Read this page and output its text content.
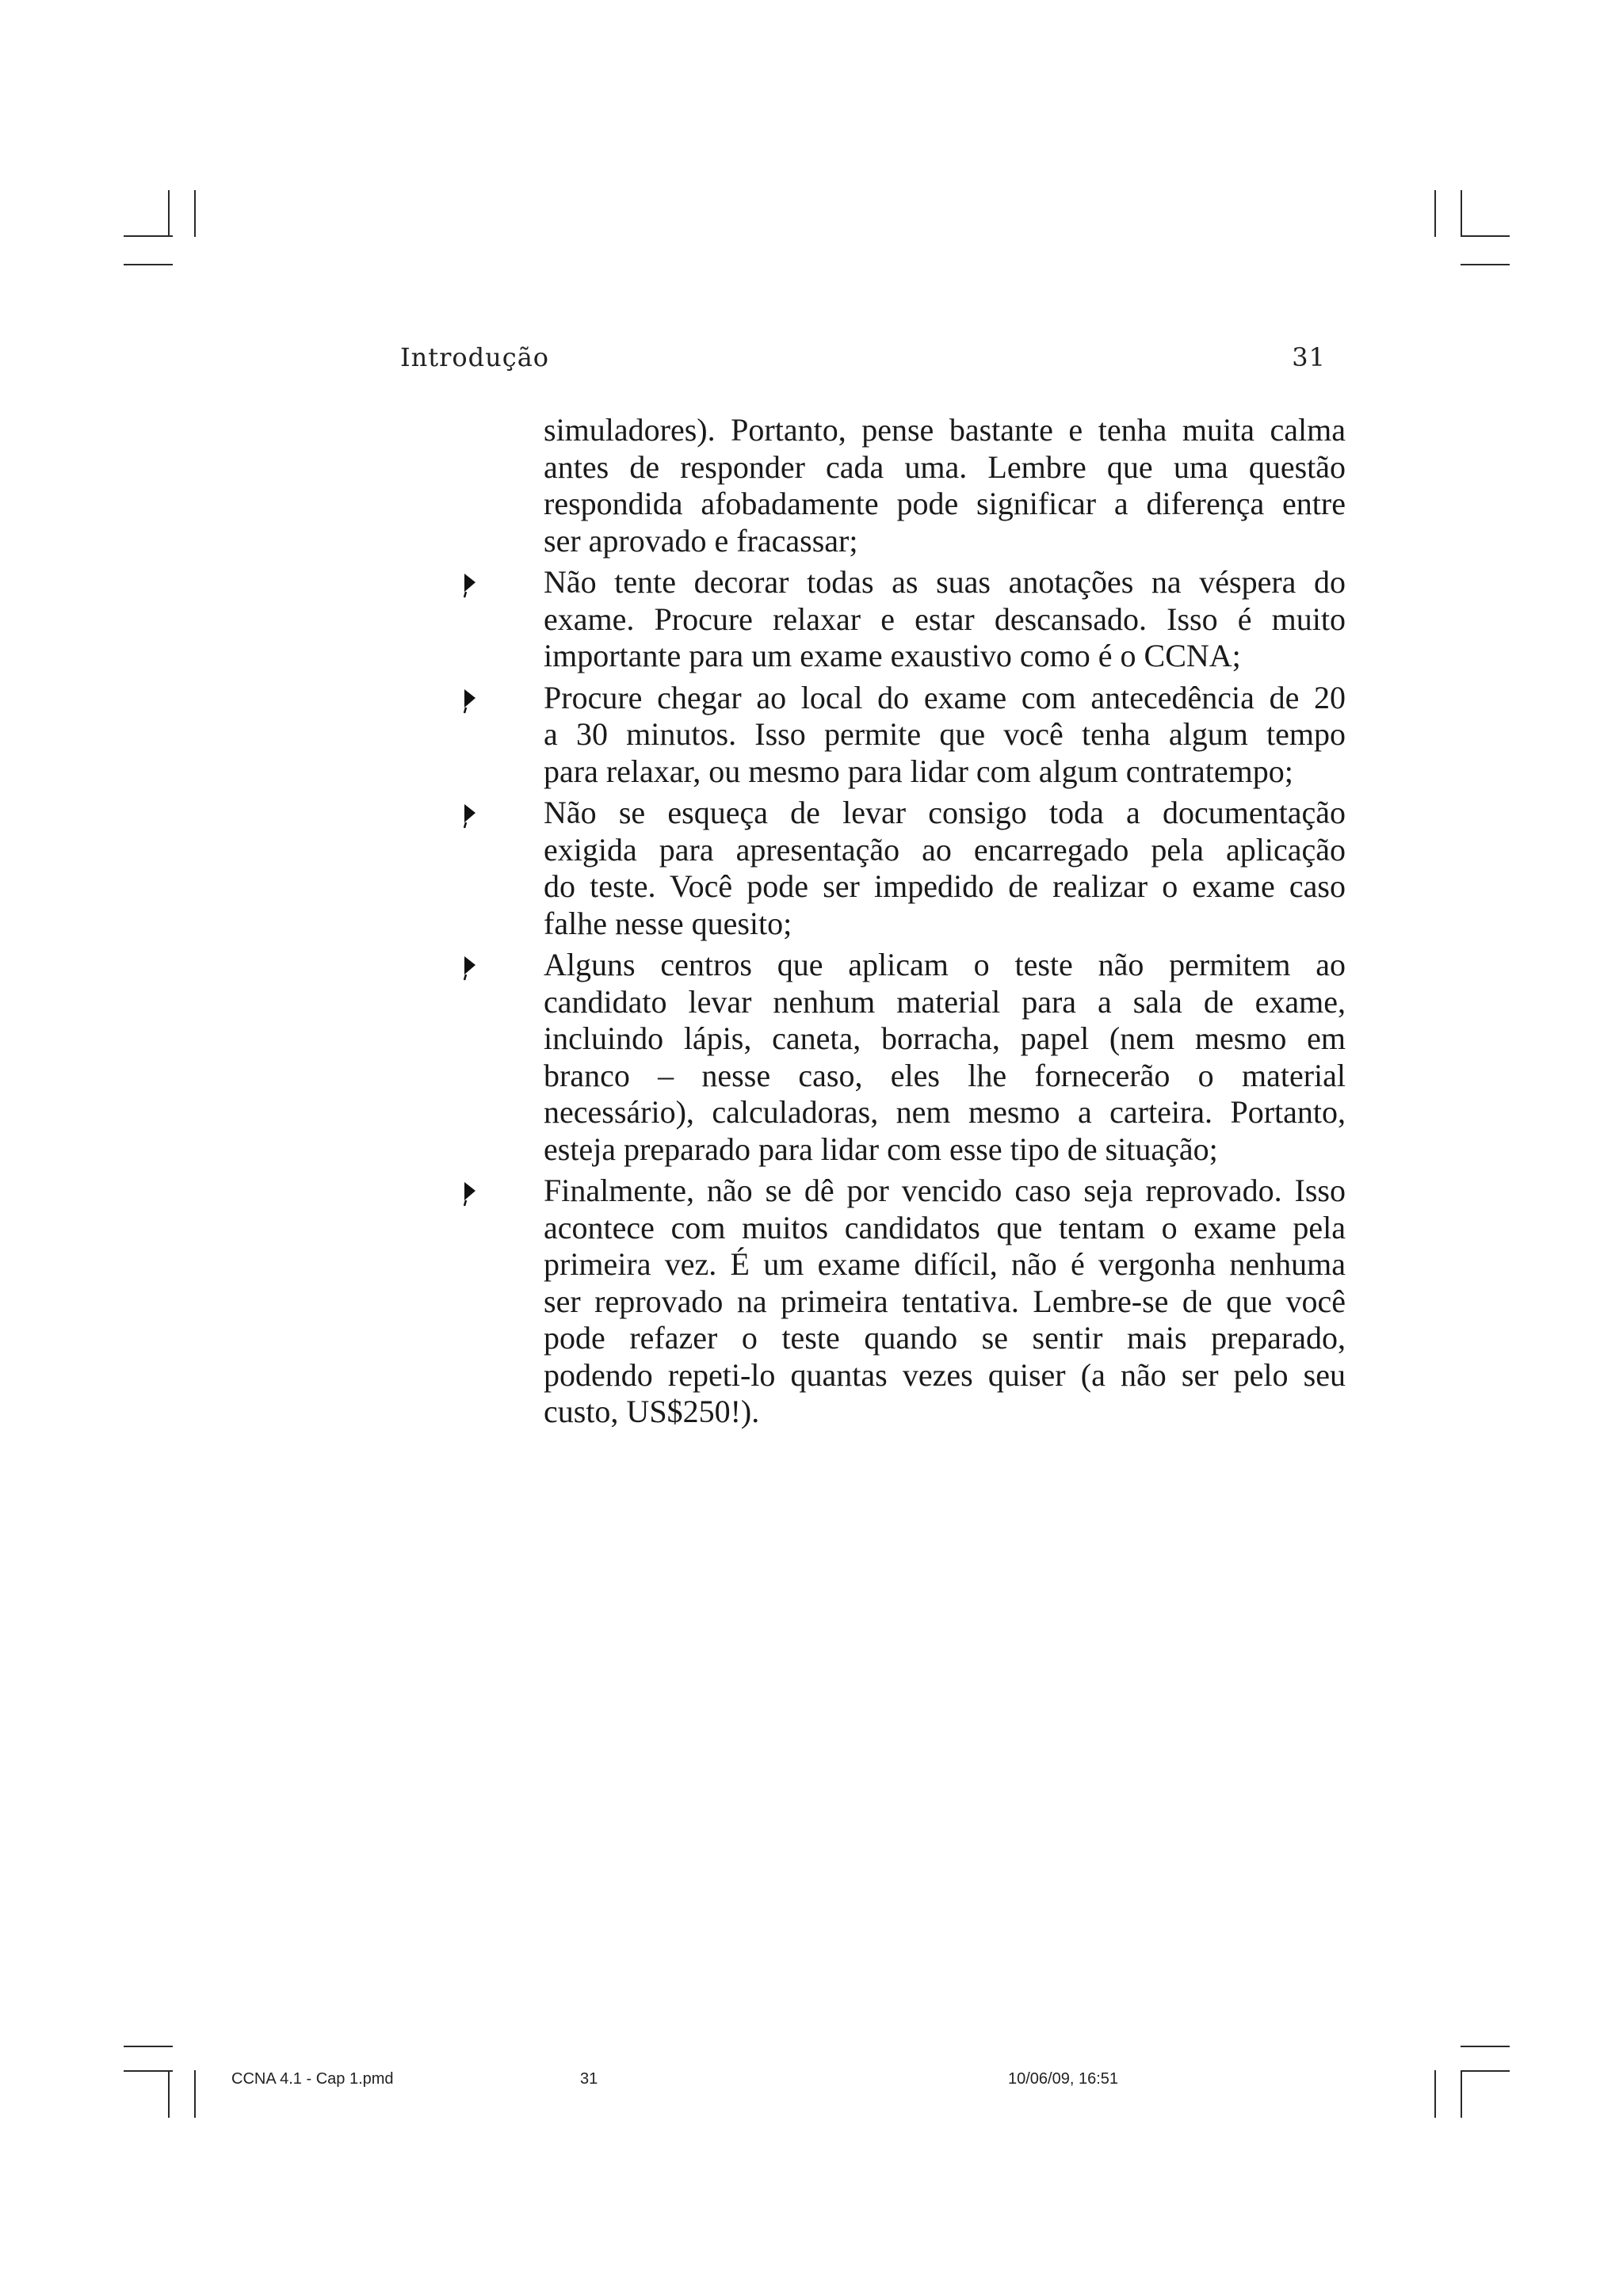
Introdução	31
simuladores). Portanto, pense bastante e tenha muita calma
antes de responder cada uma. Lembre que uma questão
respondida afobadamente pode significar a diferença entre
ser aprovado e fracassar;
Não tente decorar todas as suas anotações na véspera do
exame. Procure relaxar e estar descansado. Isso é muito
importante para um exame exaustivo como é o CCNA;
Procure chegar ao local do exame com antecedência de 20
a 30 minutos. Isso permite que você tenha algum tempo
para relaxar, ou mesmo para lidar com algum contratempo;
Não se esqueça de levar consigo toda a documentação
exigida para apresentação ao encarregado pela aplicação
do teste. Você pode ser impedido de realizar o exame caso
falhe nesse quesito;
Alguns centros que aplicam o teste não permitem ao
candidato levar nenhum material para a sala de exame,
incluindo lápis, caneta, borracha, papel (nem mesmo em
branco – nesse caso, eles lhe fornecerão o material
necessário), calculadoras, nem mesmo a carteira. Portanto,
esteja preparado para lidar com esse tipo de situação;
Finalmente, não se dê por vencido caso seja reprovado. Isso
acontece com muitos candidatos que tentam o exame pela
primeira vez. É um exame difícil, não é vergonha nenhuma
ser reprovado na primeira tentativa. Lembre-se de que você
pode refazer o teste quando se sentir mais preparado,
podendo repeti-lo quantas vezes quiser (a não ser pelo seu
custo, US$250!).
CCNA 4.1 - Cap 1.pmd	31	10/06/09, 16:51
